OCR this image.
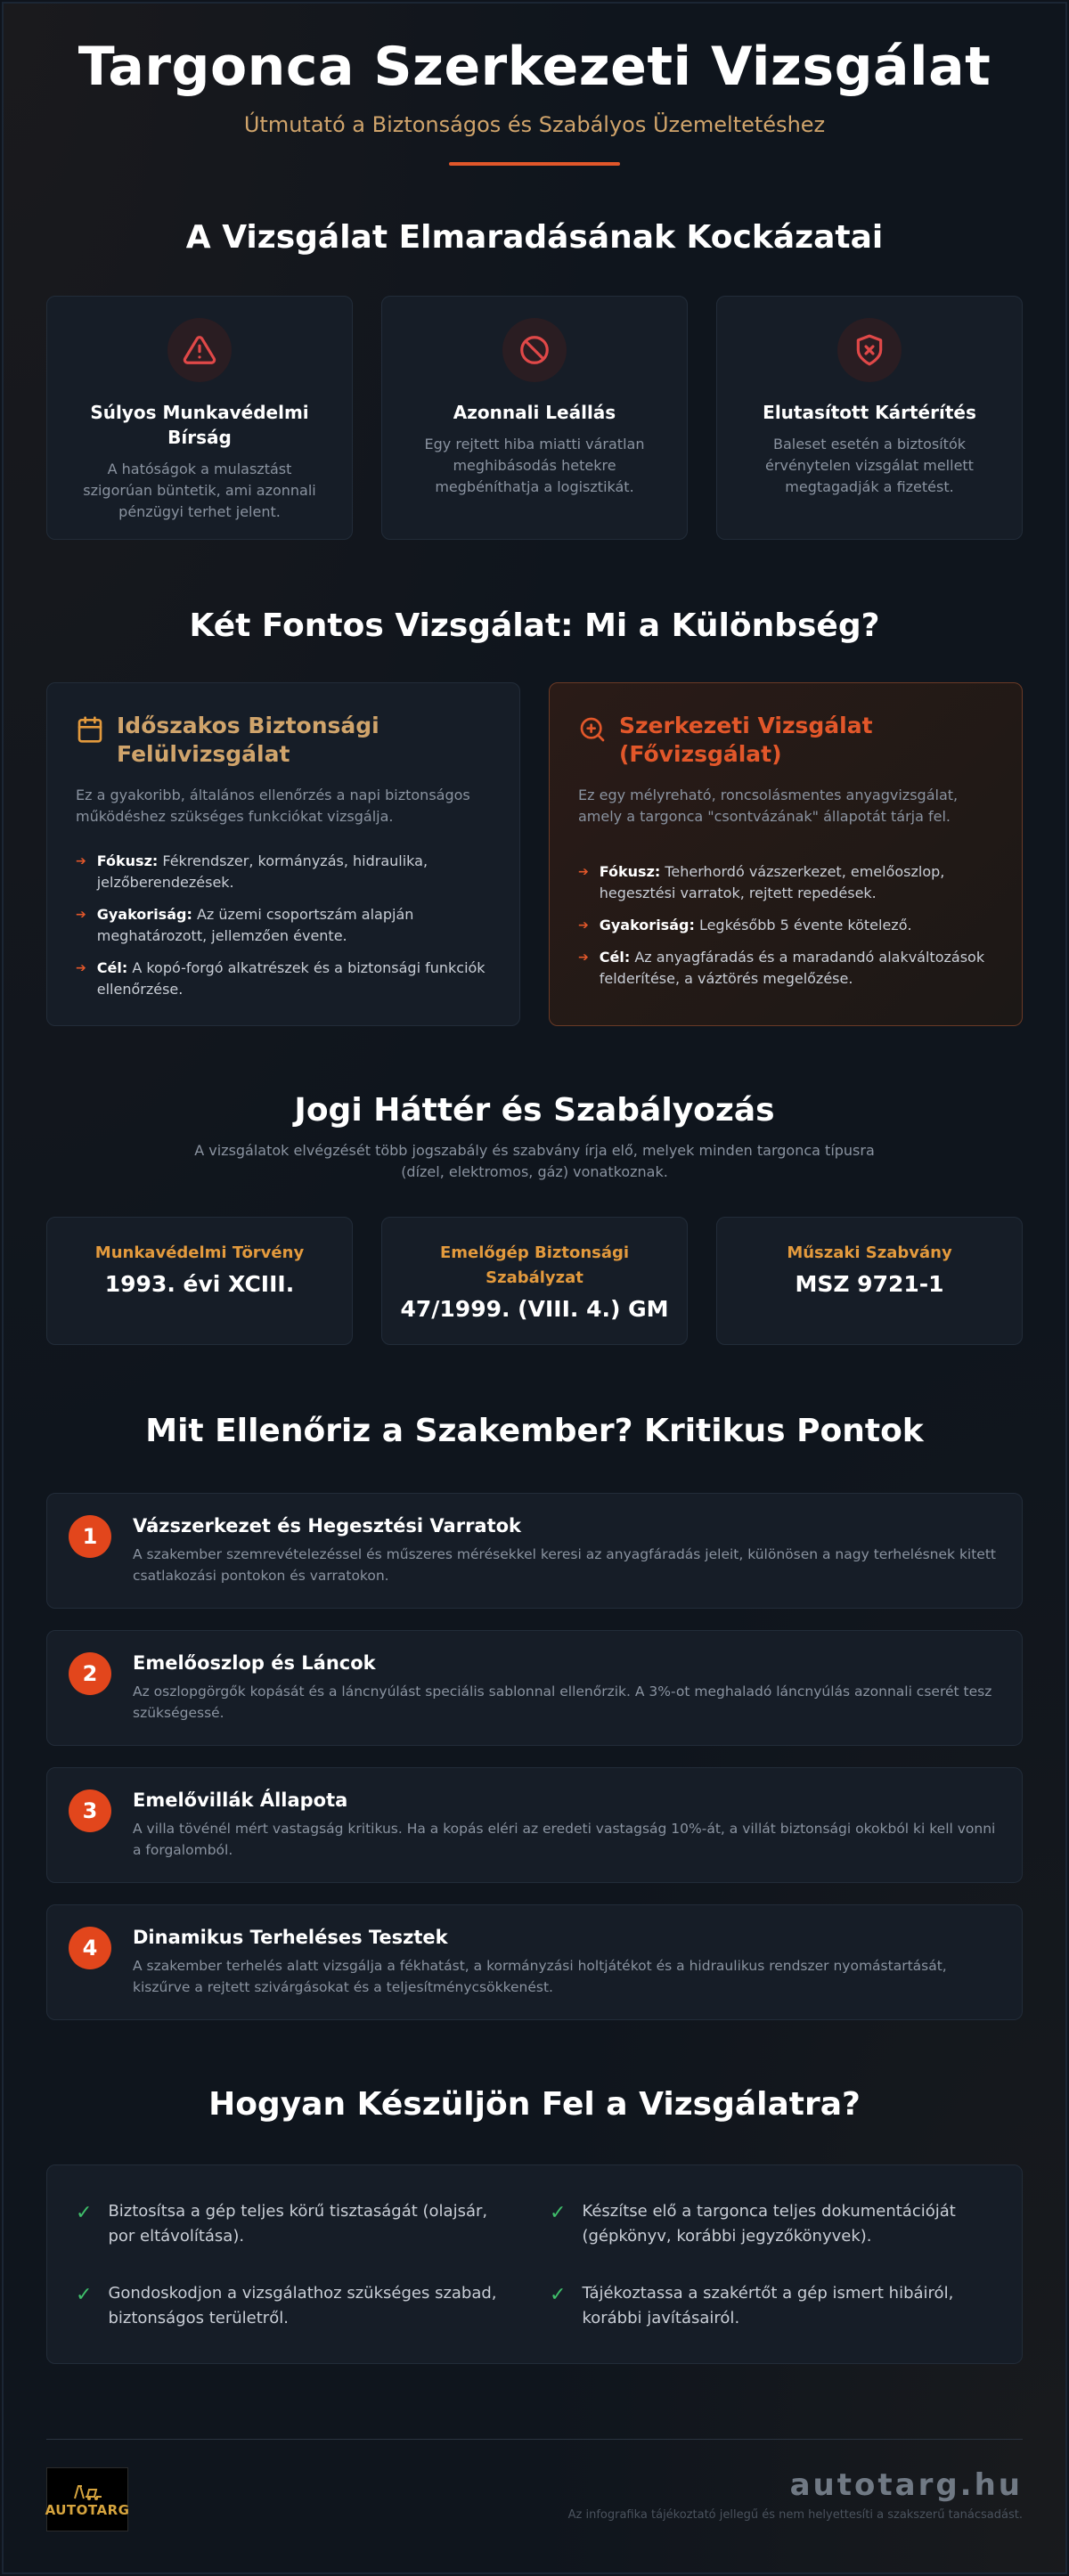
Targonca Szerkezeti Vizsgálat
Útmutató a Biztonságos és Szabályos Üzemeltetéshez
A Vizsgálat Elmaradásának Kockázatai
Súlyos Munkavédelmi Bírság
A hatóságok a mulasztást szigorúan büntetik, ami azonnali pénzügyi terhet jelent.
Azonnali Leállás
Egy rejtett hiba miatti váratlan meghibásodás hetekre megbéníthatja a logisztikát.
Elutasított Kártérítés
Baleset esetén a biztosítók érvénytelen vizsgálat mellett megtagadják a fizetést.
Két Fontos Vizsgálat: Mi a Különbség?
Időszakos Biztonsági Felülvizsgálat
Ez a gyakoribb, általános ellenőrzés a napi biztonságos működéshez szükséges funkciókat vizsgálja.
➔ Fókusz: Fékrendszer, kormányzás, hidraulika, jelzőberendezések.
➔ Gyakoriság: Az üzemi csoportszám alapján meghatározott, jellemzően évente.
➔ Cél: A kopó-forgó alkatrészek és a biztonsági funkciók ellenőrzése.
Szerkezeti Vizsgálat (Fővizsgálat)
Ez egy mélyreható, roncsolásmentes anyagvizsgálat, amely a targonca "csontvázának" állapotát tárja fel.
➔ Fókusz: Teherhordó vázszerkezet, emelőoszlop, hegesztési varratok, rejtett repedések.
➔ Gyakoriság: Legkésőbb 5 évente kötelező.
➔ Cél: Az anyagfáradás és a maradandó alakváltozások felderítése, a váztörés megelőzése.
Jogi Háttér és Szabályozás
A vizsgálatok elvégzését több jogszabály és szabvány írja elő, melyek minden targonca típusra (dízel, elektromos, gáz) vonatkoznak.
Munkavédelmi Törvény
1993. évi XCIII.
Emelőgép Biztonsági Szabályzat
47/1999. (VIII. 4.) GM
Műszaki Szabvány
MSZ 9721-1
Mit Ellenőriz a Szakember? Kritikus Pontok
1	Vázszerkezet és Hegesztési Varratok
A szakember szemrevételezéssel és műszeres mérésekkel keresi az anyagfáradás jeleit, különösen a nagy terhelésnek kitett csatlakozási pontokon és varratokon.
2	Emelőoszlop és Láncok
Az oszlopgörgők kopását és a láncnyúlást speciális sablonnal ellenőrzik. A 3%-ot meghaladó láncnyúlás azonnali cserét tesz szükségessé.
3	Emelővillák Állapota
A villa tövénél mért vastagság kritikus. Ha a kopás eléri az eredeti vastagság 10%-át, a villát biztonsági okokból ki kell vonni a forgalomból.
4	Dinamikus Terheléses Tesztek
A szakember terhelés alatt vizsgálja a fékhatást, a kormányzási holtjátékot és a hidraulikus rendszer nyomástartását, kiszűrve a rejtett szivárgásokat és a teljesítménycsökkenést.
Hogyan Készüljön Fel a Vizsgálatra?
✓ Biztosítsa a gép teljes körű tisztaságát (olajsár, por eltávolítása).
✓ Készítse elő a targonca teljes dokumentációját (gépkönyv, korábbi jegyzőkönyvek).
✓ Gondoskodjon a vizsgálathoz szükséges szabad, biztonságos területről.
✓ Tájékoztassa a szakértőt a gép ismert hibáiról, korábbi javításairól.
AUTOTARG
autotarg.hu
Az infografika tájékoztató jellegű és nem helyettesíti a szakszerű tanácsadást.
